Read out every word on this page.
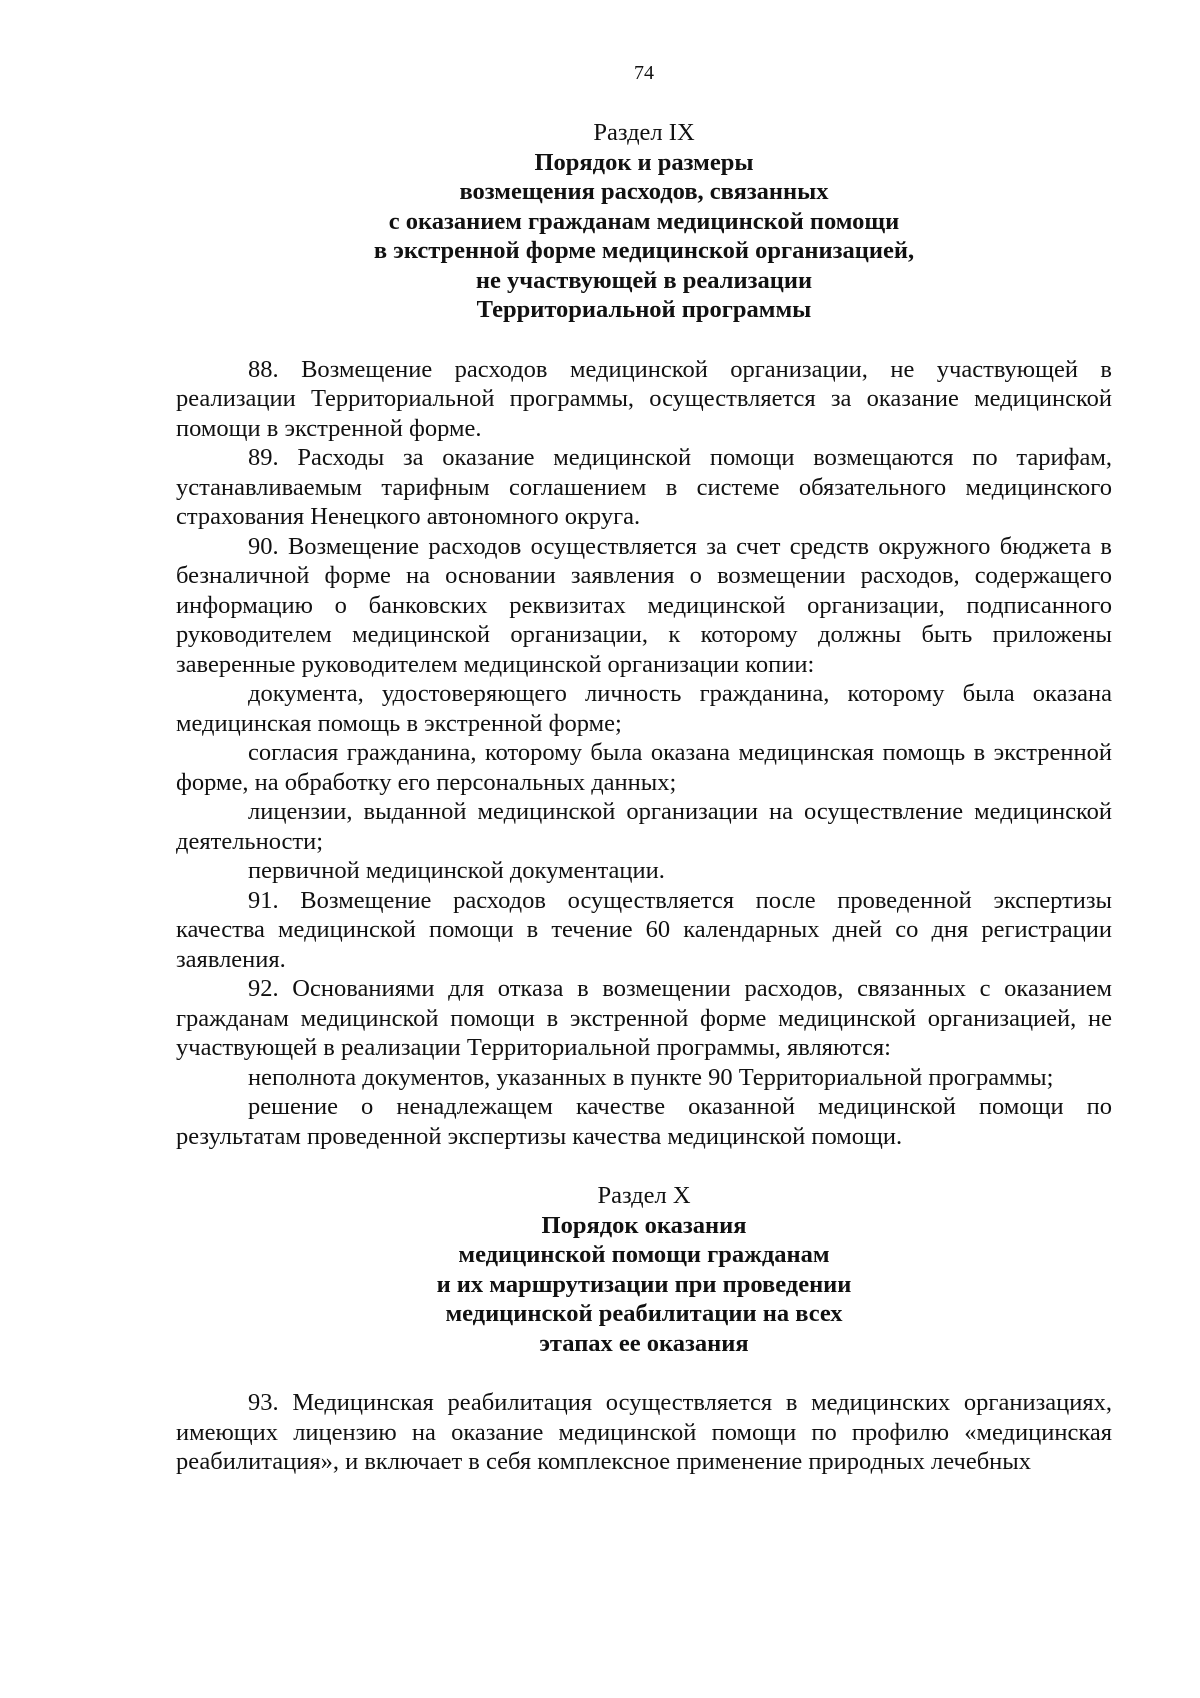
74
Раздел IX
Порядок и размеры
возмещения расходов, связанных
с оказанием гражданам медицинской помощи
в экстренной форме медицинской организацией,
не участвующей в реализации
Территориальной программы

88. Возмещение расходов медицинской организации, не участвующей в реализации Территориальной программы, осуществляется за оказание медицинской помощи в экстренной форме.

89. Расходы за оказание медицинской помощи возмещаются по тарифам, устанавливаемым тарифным соглашением в системе обязательного медицинского страхования Ненецкого автономного округа.

90. Возмещение расходов осуществляется за счет средств окружного бюджета в безналичной форме на основании заявления о возмещении расходов, содержащего информацию о банковских реквизитах медицинской организации, подписанного руководителем медицинской организации, к которому должны быть приложены заверенные руководителем медицинской организации копии:

документа, удостоверяющего личность гражданина, которому была оказана медицинская помощь в экстренной форме;

согласия гражданина, которому была оказана медицинская помощь в экстренной форме, на обработку его персональных данных;

лицензии, выданной медицинской организации на осуществление медицинской деятельности;

первичной медицинской документации.

91. Возмещение расходов осуществляется после проведенной экспертизы качества медицинской помощи в течение 60 календарных дней со дня регистрации заявления.

92. Основаниями для отказа в возмещении расходов, связанных с оказанием гражданам медицинской помощи в экстренной форме медицинской организацией, не участвующей в реализации Территориальной программы, являются:

неполнота документов, указанных в пункте 90 Территориальной программы;

решение о ненадлежащем качестве оказанной медицинской помощи по результатам проведенной экспертизы качества медицинской помощи.

Раздел X
Порядок оказания
медицинской помощи гражданам
и их маршрутизации при проведении
медицинской реабилитации на всех
этапах ее оказания

93. Медицинская реабилитация осуществляется в медицинских организациях, имеющих лицензию на оказание медицинской помощи по профилю «медицинская реабилитация», и включает в себя комплексное применение природных лечебных
